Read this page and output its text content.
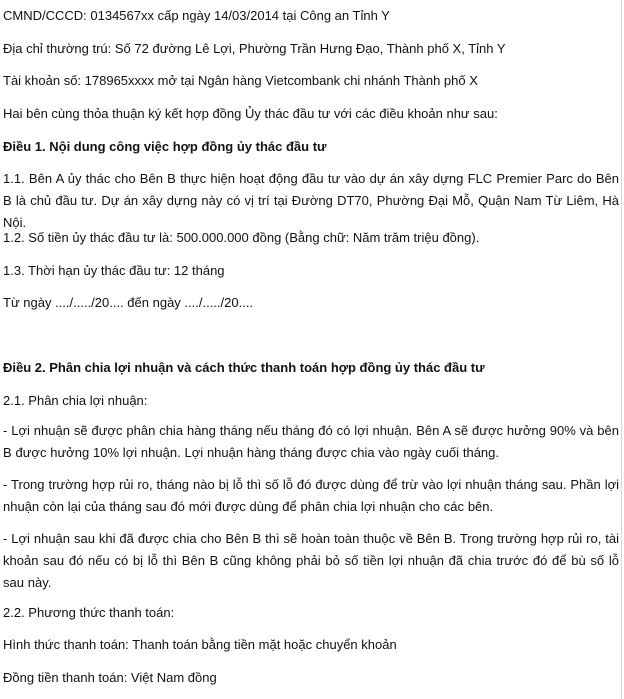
CMND/CCCD: 0134567xx cấp ngày 14/03/2014 tại Công an Tỉnh Y
Địa chỉ thường trú: Số 72 đường Lê Lợi, Phường Trần Hưng Đạo, Thành phố X, Tỉnh Y
Tài khoản số: 178965xxxx mở tại Ngân hàng Vietcombank chi nhánh Thành phố X
Hai bên cùng thỏa thuận ký kết hợp đồng Ủy thác đầu tư với các điều khoản như sau:
Điều 1. Nội dung công việc hợp đồng ủy thác đầu tư
1.1. Bên A ủy thác cho Bên B thực hiện hoạt động đầu tư vào dự án xây dựng FLC Premier Parc do Bên B là chủ đầu tư. Dự án xây dựng này có vị trí tại Đường DT70, Phường Đại Mỗ, Quận Nam Từ Liêm, Hà Nội.
1.2. Số tiền ủy thác đầu tư là: 500.000.000 đồng (Bằng chữ: Năm trăm triệu đồng).
1.3. Thời hạn ủy thác đầu tư: 12 tháng
Từ ngày ..../...../20.... đến ngày ..../...../20....
Điều 2. Phân chia lợi nhuận và cách thức thanh toán hợp đồng ủy thác đầu tư
2.1. Phân chia lợi nhuận:
- Lợi nhuận sẽ được phân chia hàng tháng nếu tháng đó có lợi nhuận. Bên A sẽ được hưởng 90% và bên B được hưởng 10% lợi nhuận. Lợi nhuận hàng tháng được chia vào ngày cuối tháng.
- Trong trường hợp rủi ro, tháng nào bị lỗ thì số lỗ đó được dùng để trừ vào lợi nhuận tháng sau. Phần lợi nhuận còn lại của tháng sau đó mới được dùng để phân chia lợi nhuận cho các bên.
- Lợi nhuận sau khi đã được chia cho Bên B thì sẽ hoàn toàn thuộc về Bên B. Trong trường hợp rủi ro, tài khoản sau đó nếu có bị lỗ thì Bên B cũng không phải bỏ số tiền lợi nhuận đã chia trước đó để bù số lỗ sau này.
2.2. Phương thức thanh toán:
Hình thức thanh toán: Thanh toán bằng tiền mặt hoặc chuyển khoản
Đồng tiền thanh toán: Việt Nam đồng
